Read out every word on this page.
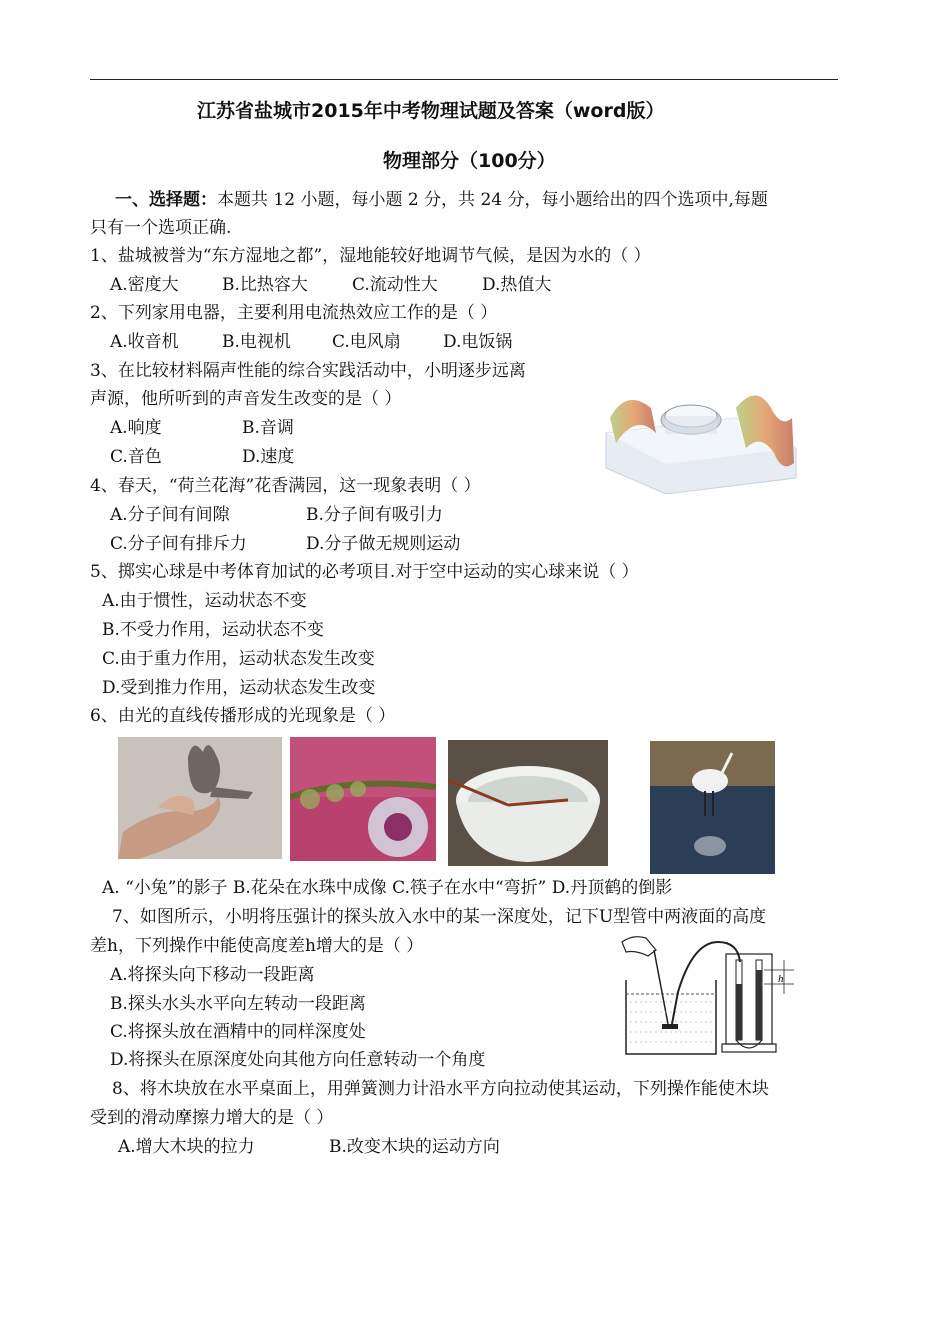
江苏省盐城市2015年中考物理试题及答案（word版）
物理部分（100分）
一、选择题：本题共 12 小题，每小题 2 分，共 24 分，每小题给出的四个选项中,每题
只有一个选项正确.
1、盐城被誉为“东方湿地之都”，湿地能较好地调节气候，是因为水的（ ）
A.密度大	B.比热容大	C.流动性大	D.热值大
2、下列家用电器，主要利用电流热效应工作的是（ ）
A.收音机	B.电视机 C.电风扇 D.电饭锅
3、在比较材料隔声性能的综合实践活动中，小明逐步远离
声源，他所听到的声音发生改变的是（ ）
A.响度	B.音调
C.音色	D.速度
4、春天，“荷兰花海”花香满园，这一现象表明（ ）
A.分子间有间隙	B.分子间有吸引力
C.分子间有排斥力	D.分子做无规则运动
5、掷实心球是中考体育加试的必考项目.对于空中运动的实心球来说（ ）
A.由于惯性，运动状态不变
B.不受力作用，运动状态不变
C.由于重力作用，运动状态发生改变
D.受到推力作用，运动状态发生改变
6、由光的直线传播形成的光现象是（ ）
A. “小兔”的影子 B.花朵在水珠中成像 C.筷子在水中“弯折” D.丹顶鹤的倒影
7、如图所示，小明将压强计的探头放入水中的某一深度处，记下U型管中两液面的高度
差h，下列操作中能使高度差h增大的是（ ）
A.将探头向下移动一段距离
B.探头水头水平向左转动一段距离
C.将探头放在酒精中的同样深度处
D.将探头在原深度处向其他方向任意转动一个角度
h
8、将木块放在水平桌面上，用弹簧测力计沿水平方向拉动使其运动，下列操作能使木块
受到的滑动摩擦力增大的是（ ）
A.增大木块的拉力	B.改变木块的运动方向
